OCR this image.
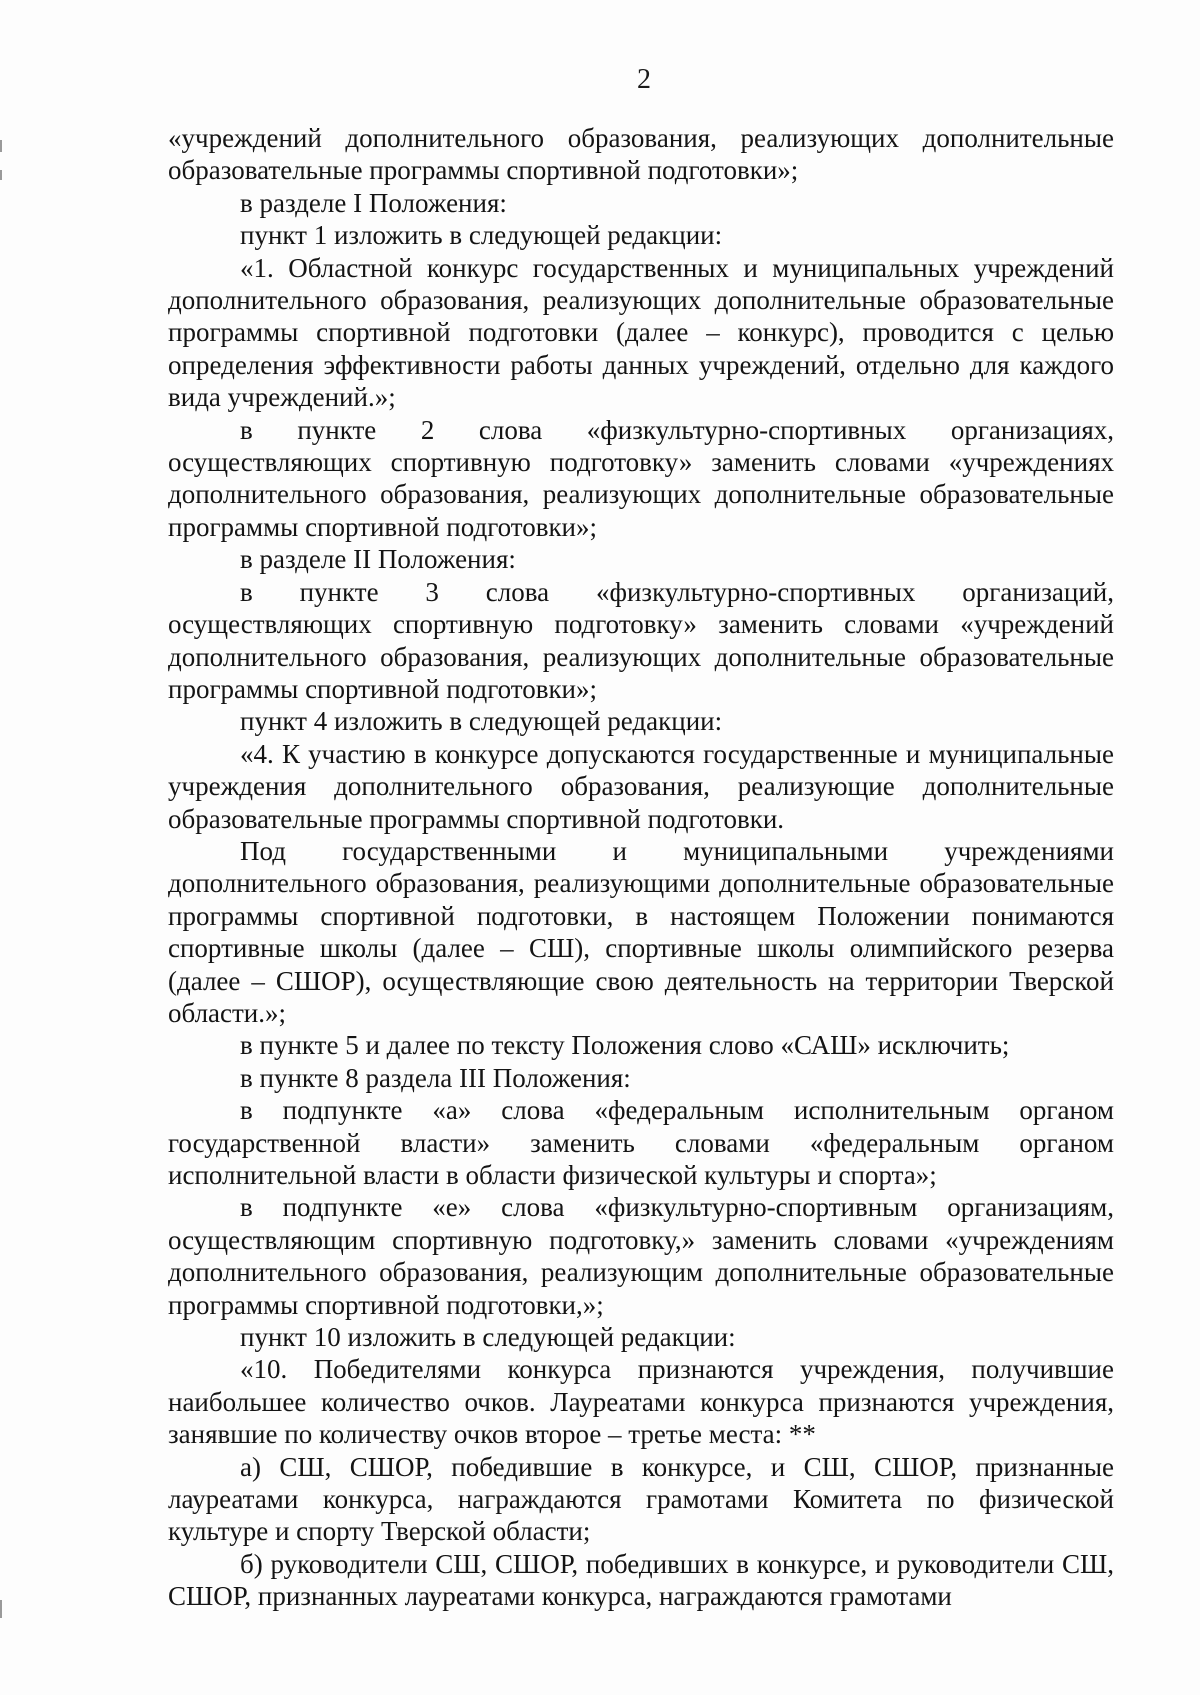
2

«учреждений дополнительного образования, реализующих дополнительные образовательные программы спортивной подготовки»;

в разделе I Положения:

пункт 1 изложить в следующей редакции:

«1. Областной конкурс государственных и муниципальных учреждений дополнительного образования, реализующих дополнительные образовательные программы спортивной подготовки (далее – конкурс), проводится с целью определения эффективности работы данных учреждений, отдельно для каждого вида учреждений.»;

в пункте 2 слова «физкультурно-спортивных организациях, осуществляющих спортивную подготовку» заменить словами «учреждениях дополнительного образования, реализующих дополнительные образовательные программы спортивной подготовки»;

в разделе II Положения:

в пункте 3 слова «физкультурно-спортивных организаций, осуществляющих спортивную подготовку» заменить словами «учреждений дополнительного образования, реализующих дополнительные образовательные программы спортивной подготовки»;

пункт 4 изложить в следующей редакции:

«4. К участию в конкурсе допускаются государственные и муниципальные учреждения дополнительного образования, реализующие дополнительные образовательные программы спортивной подготовки.

Под государственными и муниципальными учреждениями дополнительного образования, реализующими дополнительные образовательные программы спортивной подготовки, в настоящем Положении понимаются спортивные школы (далее – СШ), спортивные школы олимпийского резерва (далее – СШОР), осуществляющие свою деятельность на территории Тверской области.»;

в пункте 5 и далее по тексту Положения слово «САШ» исключить;

в пункте 8 раздела III Положения:

в подпункте «а» слова «федеральным исполнительным органом государственной власти» заменить словами «федеральным органом исполнительной власти в области физической культуры и спорта»;

в подпункте «е» слова «физкультурно-спортивным организациям, осуществляющим спортивную подготовку,» заменить словами «учреждениям дополнительного образования, реализующим дополнительные образовательные программы спортивной подготовки,»;

пункт 10 изложить в следующей редакции:

«10. Победителями конкурса признаются учреждения, получившие наибольшее количество очков. Лауреатами конкурса признаются учреждения, занявшие по количеству очков второе – третье места: **

а) СШ, СШОР, победившие в конкурсе, и СШ, СШОР, признанные лауреатами конкурса, награждаются грамотами Комитета по физической культуре и спорту Тверской области;

б) руководители СШ, СШОР, победивших в конкурсе, и руководители СШ, СШОР, признанных лауреатами конкурса, награждаются грамотами
